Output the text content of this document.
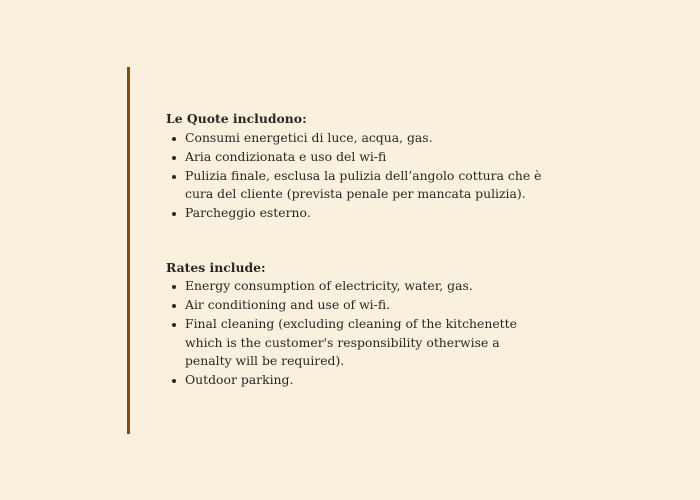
Le Quote includono:

Consumi energetici di luce, acqua, gas.
Aria condizionata e uso del wi-fi
Pulizia finale, esclusa la pulizia dell’angolo cottura che è cura del cliente (prevista penale per mancata pulizia).
Parcheggio esterno.

Rates include:

Energy consumption of electricity, water, gas.
Air conditioning and use of wi-fi.
Final cleaning (excluding cleaning of the kitchenette which is the customer's responsibility otherwise a penalty will be required).
Outdoor parking.
